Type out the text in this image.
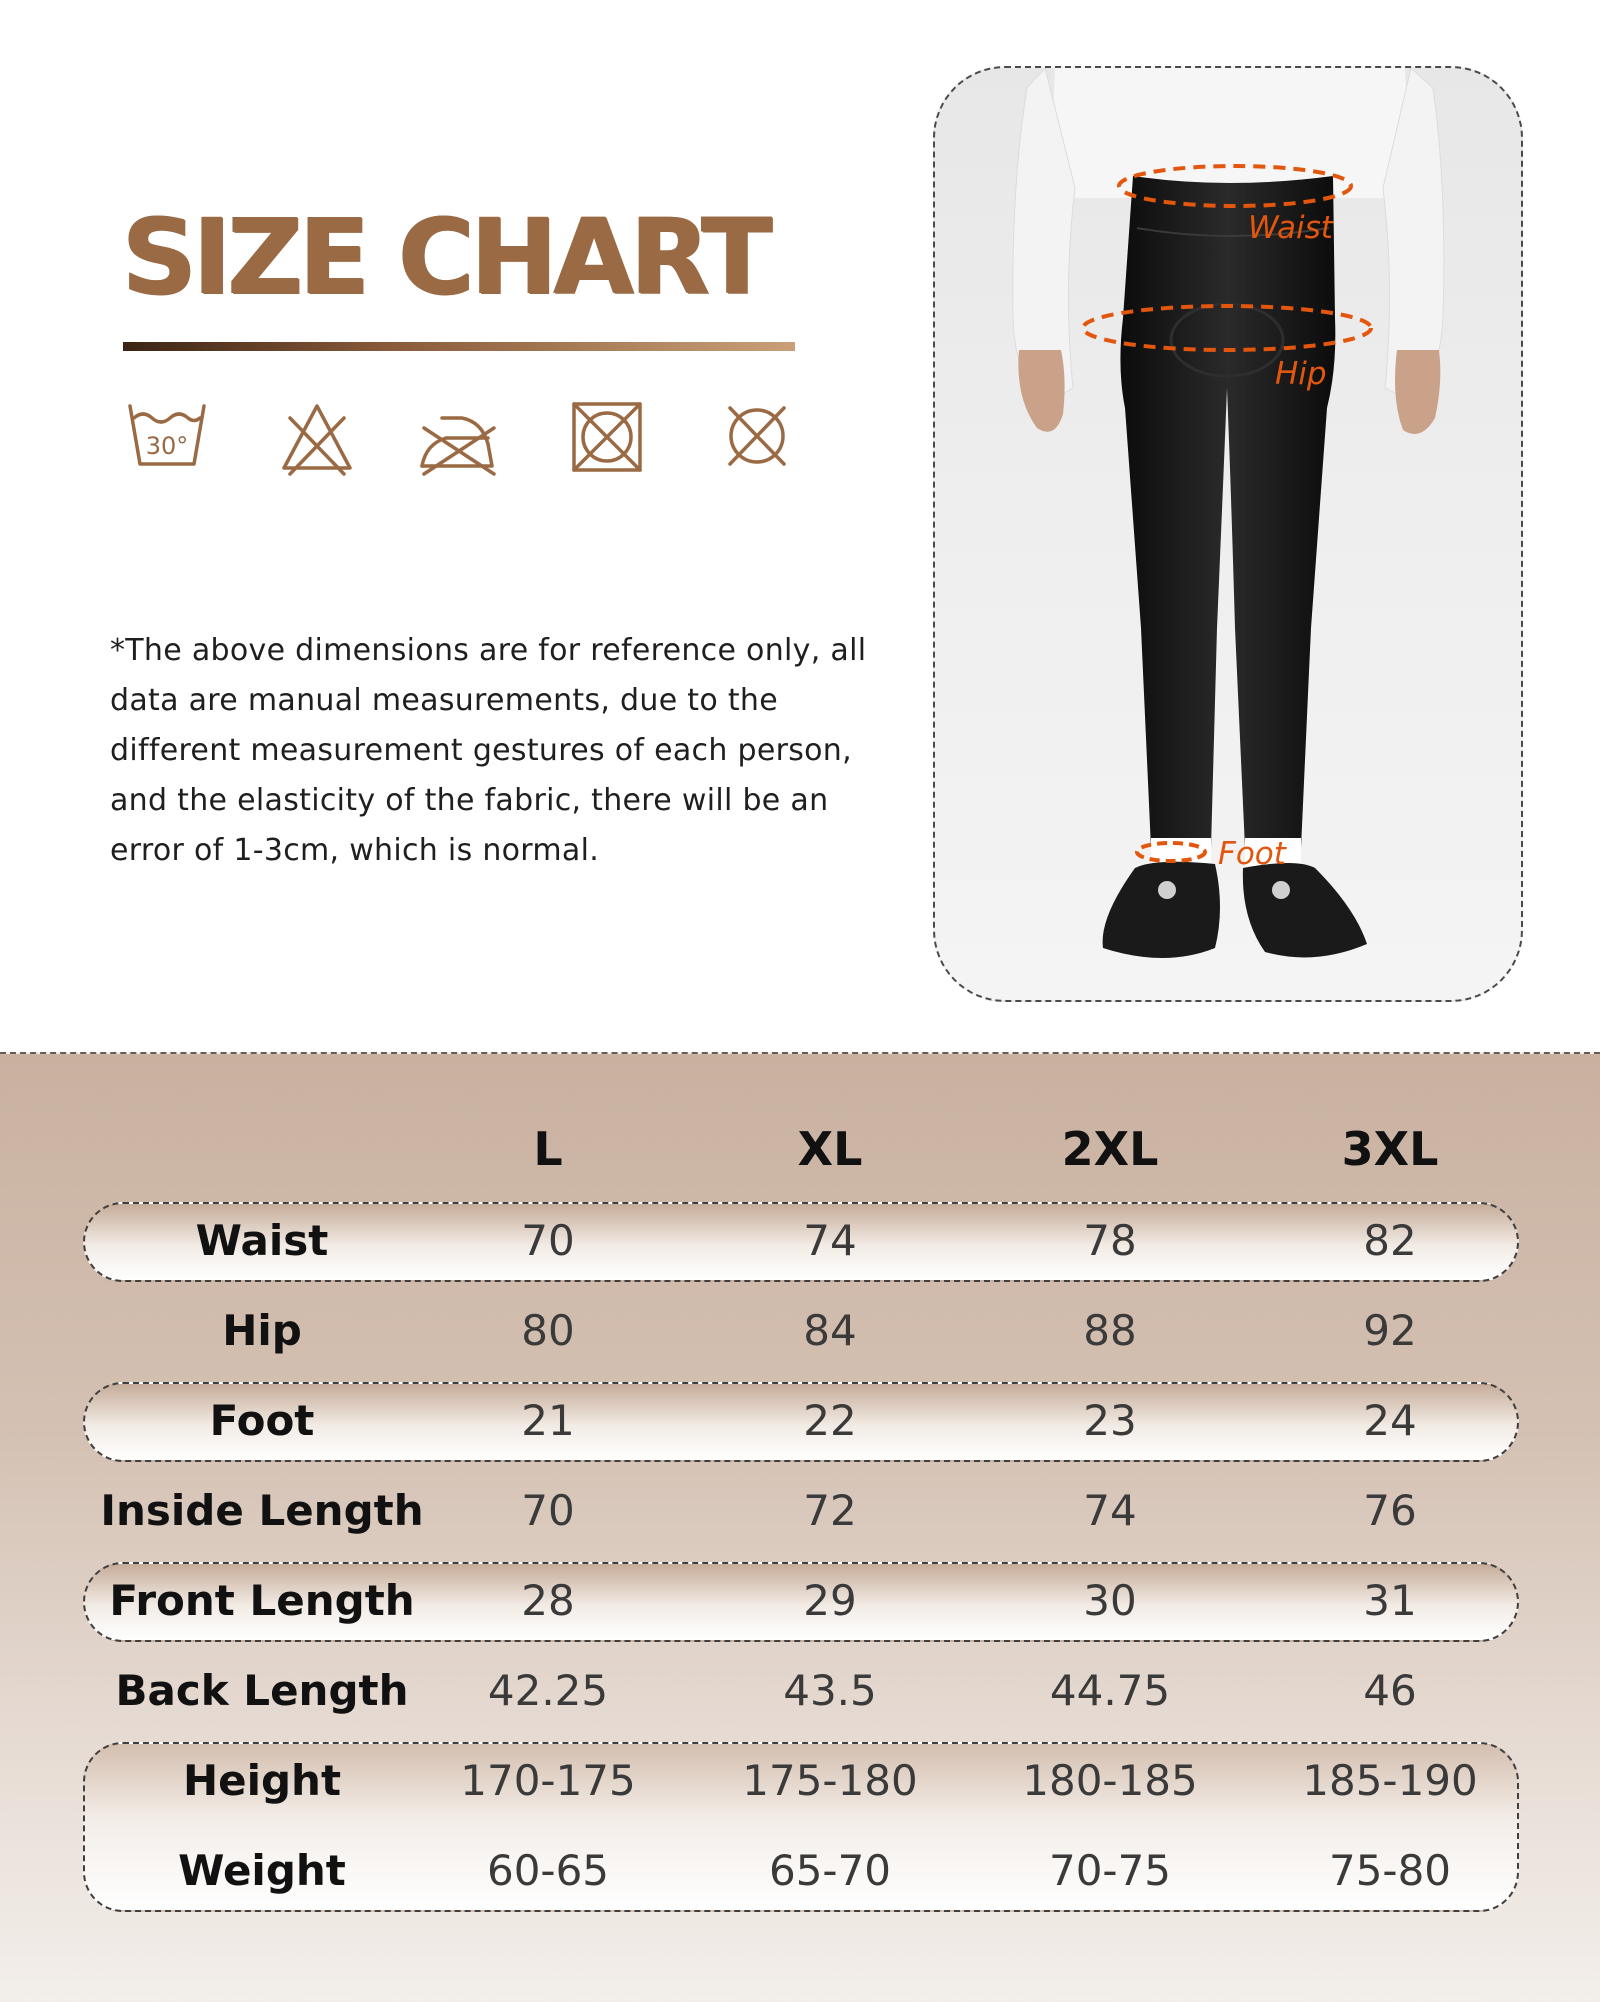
SIZE CHART
30°

*The above dimensions are for reference only, all data are manual measurements, due to the different measurement gestures of each person, and the elasticity of the fabric, there will be an error of 1-3cm, which is normal.

Waist
Hip
Foot
L	XL	2XL	3XL
Waist	70	74	78	82
Hip	80	84	88	92
Foot	21	22	23	24
Inside Length	70	72	74	76
Front Length	28	29	30	31
Back Length	42.25	43.5	44.75	46
Height	170-175	175-180	180-185	185-190
Weight	60-65	65-70	70-75	75-80
